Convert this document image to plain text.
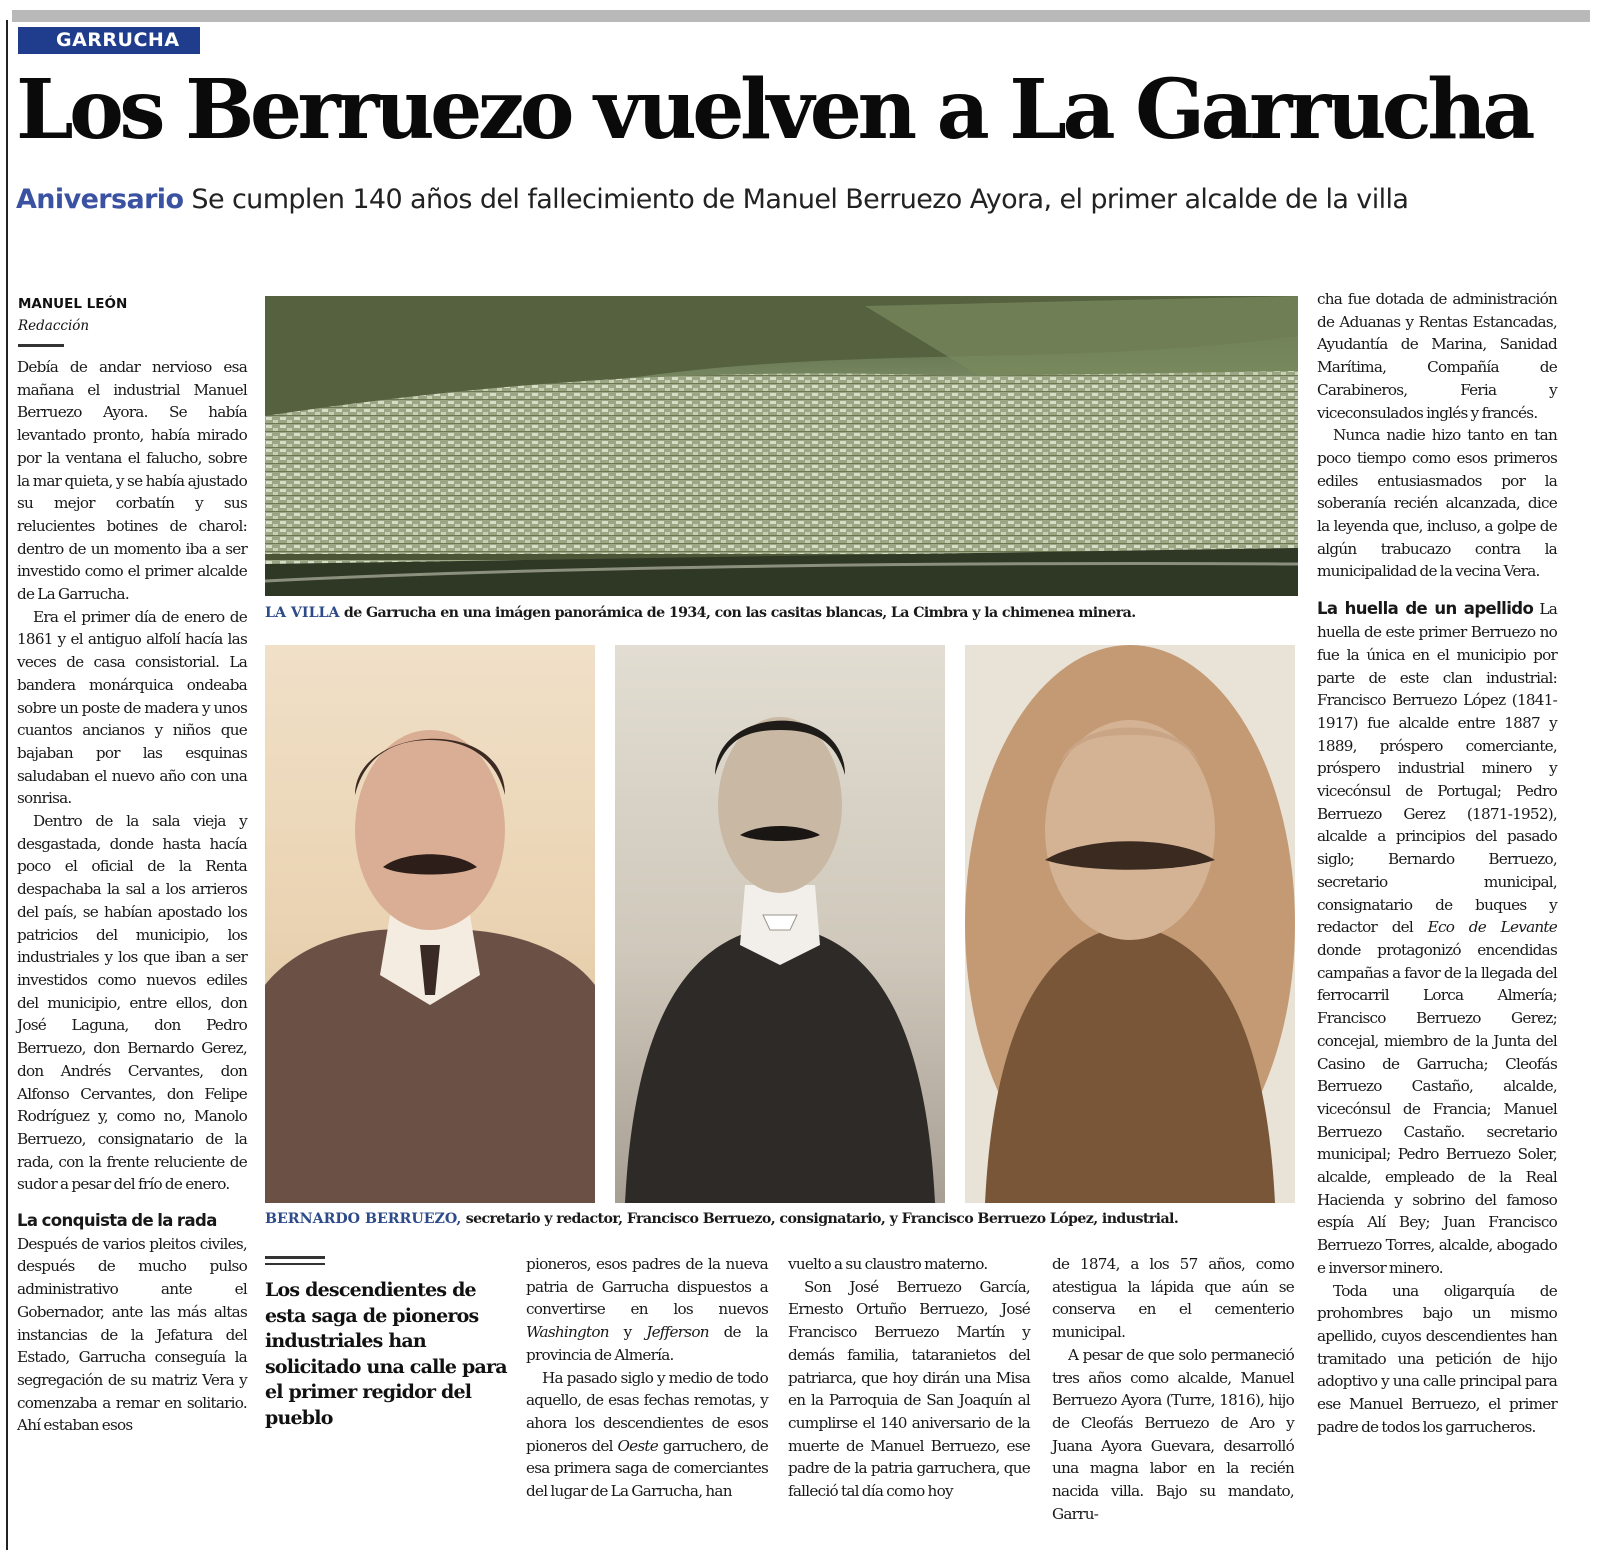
GARRUCHA
Los Berruezo vuelven a La Garrucha
Aniversario Se cumplen 140 años del fallecimiento de Manuel Berruezo Ayora, el primer alcalde de la villa
MANUEL LEÓN
Redacción

Debía de andar nervioso esa mañana el industrial Manuel Berruezo Ayora. Se había levantado pronto, había mirado por la ventana el falucho, sobre la mar quieta, y se había ajustado su mejor corbatín y sus relucientes botines de charol: dentro de un momento iba a ser investido como el primer alcalde de La Garrucha.

Era el primer día de enero de 1861 y el antiguo alfolí hacía las veces de casa consistorial. La bandera monárquica ondeaba sobre un poste de madera y unos cuantos ancianos y niños que bajaban por las esquinas saludaban el nuevo año con una sonrisa.

Dentro de la sala vieja y desgastada, donde hasta hacía poco el oficial de la Renta despachaba la sal a los arrieros del país, se habían apostado los patricios del municipio, los industriales y los que iban a ser investidos como nuevos ediles del municipio, entre ellos, don José Laguna, don Pedro Berruezo, don Bernardo Gerez, don Andrés Cervantes, don Alfonso Cervantes, don Felipe Rodríguez y, como no, Manolo Berruezo, consignatario de la rada, con la frente reluciente de sudor a pesar del frío de enero.

La conquista de la rada

Después de varios pleitos civiles, después de mucho pulso administrativo ante el Gobernador, ante las más altas instancias de la Jefatura del Estado, Garrucha conseguía la segregación de su matriz Vera y comenzaba a remar en solitario. Ahí estaban esos

LA VILLA de Garrucha en una imágen panorámica de 1934, con las casitas blancas, La Cimbra y la chimenea minera.
BERNARDO BERRUEZO, secretario y redactor, Francisco Berruezo, consignatario, y Francisco Berruezo López, industrial.
Los descendientes de esta saga de pioneros industriales han solicitado una calle para el primer regidor del pueblo

pioneros, esos padres de la nueva patria de Garrucha dispuestos a convertirse en los nuevos Washington y Jefferson de la provincia de Almería.

Ha pasado siglo y medio de todo aquello, de esas fechas remotas, y ahora los descendientes de esos pioneros del Oeste garruchero, de esa primera saga de comerciantes del lugar de La Garrucha, han

vuelto a su claustro materno.

Son José Berruezo García, Ernesto Ortuño Berruezo, José Francisco Berruezo Martín y demás familia, tataranietos del patriarca, que hoy dirán una Misa en la Parroquia de San Joaquín al cumplirse el 140 aniversario de la muerte de Manuel Berruezo, ese padre de la patria garruchera, que falleció tal día como hoy

de 1874, a los 57 años, como atestigua la lápida que aún se conserva en el cementerio municipal.

A pesar de que solo permaneció tres años como alcalde, Manuel Berruezo Ayora (Turre, 1816), hijo de Cleofás Berruezo de Aro y Juana Ayora Guevara, desarrolló una magna labor en la recién nacida villa. Bajo su mandato, Garru-

cha fue dotada de administración de Aduanas y Rentas Estancadas, Ayudantía de Marina, Sanidad Marítima, Compañía de Carabineros, Feria y viceconsulados inglés y francés.

Nunca nadie hizo tanto en tan poco tiempo como esos primeros ediles entusiasmados por la soberanía recién alcanzada, dice la leyenda que, incluso, a golpe de algún trabucazo contra la municipalidad de la vecina Vera.

La huella de un apellido La huella de este primer Berruezo no fue la única en el municipio por parte de este clan industrial: Francisco Berruezo López (1841-1917) fue alcalde entre 1887 y 1889, próspero comerciante, próspero industrial minero y vicecónsul de Portugal; Pedro Berruezo Gerez (1871-1952), alcalde a principios del pasado siglo; Bernardo Berruezo, secretario municipal, consignatario de buques y redactor del Eco de Levante donde protagonizó encendidas campañas a favor de la llegada del ferrocarril Lorca Almería; Francisco Berruezo Gerez; concejal, miembro de la Junta del Casino de Garrucha; Cleofás Berruezo Castaño, alcalde, vicecónsul de Francia; Manuel Berruezo Castaño. secretario municipal; Pedro Berruezo Soler, alcalde, empleado de la Real Hacienda y sobrino del famoso espía Alí Bey; Juan Francisco Berruezo Torres, alcalde, abogado e inversor minero.

Toda una oligarquía de prohombres bajo un mismo apellido, cuyos descendientes han tramitado una petición de hijo adoptivo y una calle principal para ese Manuel Berruezo, el primer padre de todos los garrucheros.
